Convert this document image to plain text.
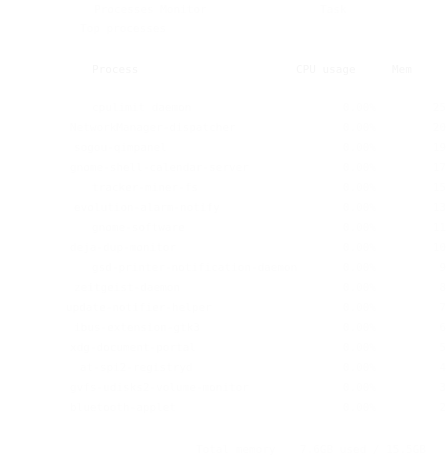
Processes Monitor	Task
Top processes
Process	CPU usage	Mem
cpulimit daemon	0.00%	25
NetworkManager-dispatcher	0.00%	20
sogou-qimpanel	0.00%	19
gnome-shell-calendar-server	0.00%	17
tracker-miner-fs	0.00%	15
evolution-alarm-notify	0.00%	13
gnome-software	0.00%	11
deja-dup-monitor	0.00%	10
gsd-printer-notification-daemon	0.00%	9
zeitgeist-daemon	0.00%	8
update-notifier-helper	0.00%	7
ibus-extension-gtk3	0.00%	6
xdg-document-portal	0.00%	5
at-spi2-registryd	0.00%	4
gvfs-udisks2-volume-monitor	0.00%	3
bluetooth-applet	0.00%	2
Total memory 7.6GB used / 15.5GB
